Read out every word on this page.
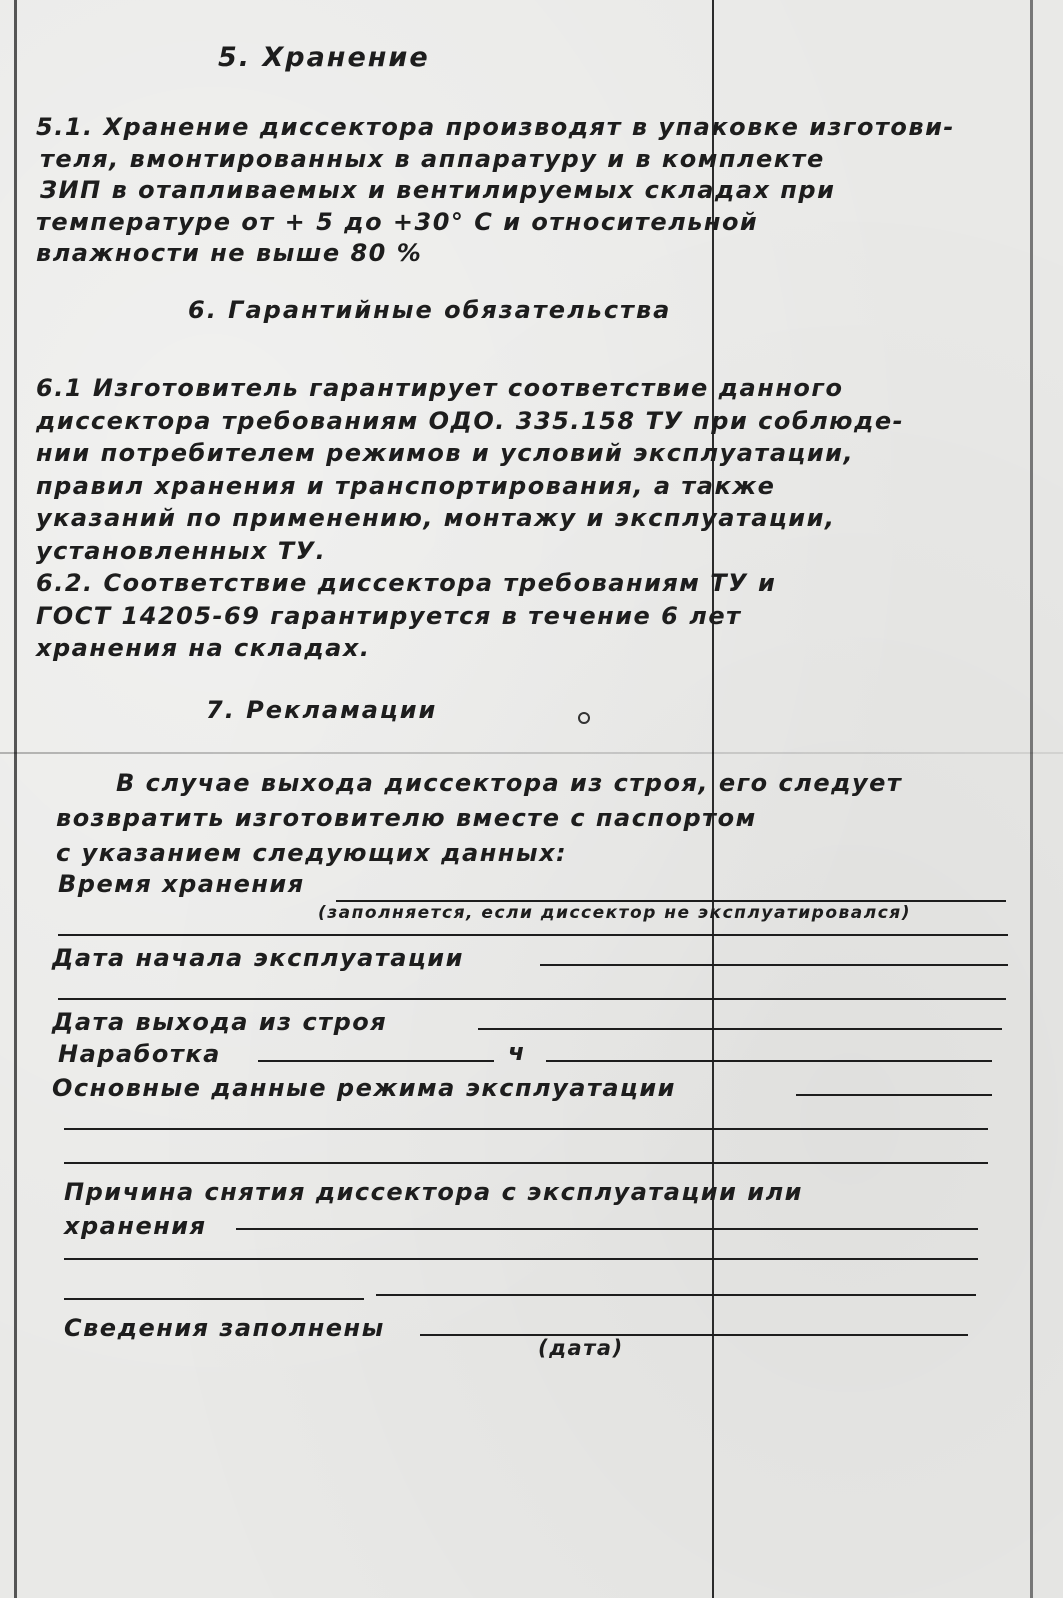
5. Хранение
5.1. Хранение диссектора производят в упаковке изготови-
теля, вмонтированных в аппаратуру и в комплекте
ЗИП в отапливаемых и вентилируемых складах при
температуре от + 5 до +30° С и относительной
влажности не выше 80 %
6. Гарантийные обязательства
6.1 Изготовитель гарантирует соответствие данного
диссектора требованиям ОДО. 335.158 ТУ при соблюде-
нии потребителем режимов и условий эксплуатации,
правил хранения и транспортирования, а также
указаний по применению, монтажу и эксплуатации,
установленных ТУ.
6.2. Соответствие диссектора требованиям ТУ и
ГОСТ 14205-69 гарантируется в течение 6 лет
хранения на складах.
7. Рекламации
В случае выхода диссектора из строя, его следует
возвратить изготовителю вместе с паспортом
с указанием следующих данных:
Время хранения
(заполняется, если диссектор не эксплуатировался)
Дата начала эксплуатации
Дата выхода из строя
Наработка	ч
Основные данные режима эксплуатации
Причина снятия диссектора с эксплуатации или
хранения
Сведения заполнены
(дата)
